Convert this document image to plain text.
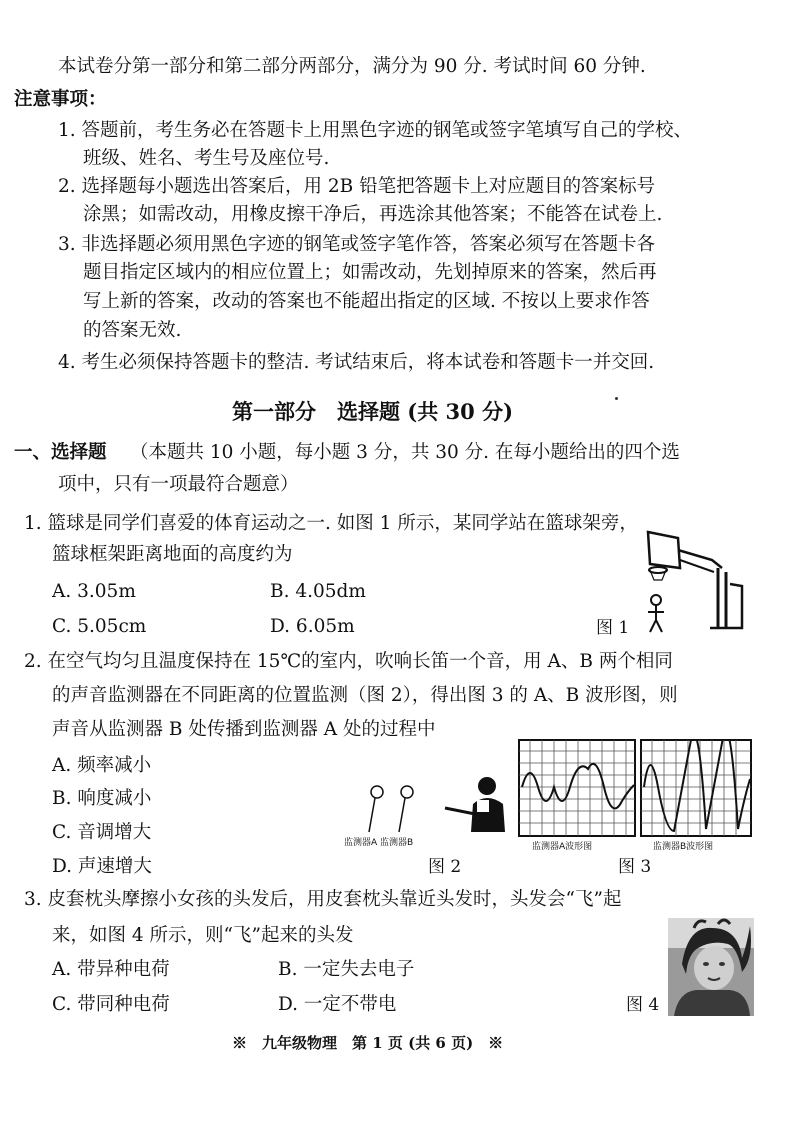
本试卷分第一部分和第二部分两部分，满分为 90 分. 考试时间 60 分钟.
注意事项：
1. 答题前，考生务必在答题卡上用黑色字迹的钢笔或签字笔填写自己的学校、
班级、姓名、考生号及座位号.
2. 选择题每小题选出答案后，用 2B 铅笔把答题卡上对应题目的答案标号
涂黑；如需改动，用橡皮擦干净后，再选涂其他答案；不能答在试卷上.
3. 非选择题必须用黑色字迹的钢笔或签字笔作答，答案必须写在答题卡各
题目指定区域内的相应位置上；如需改动，先划掉原来的答案，然后再
写上新的答案，改动的答案也不能超出指定的区域. 不按以上要求作答
的答案无效.
4. 考生必须保持答题卡的整洁. 考试结束后，将本试卷和答题卡一并交回.
第一部分　选择题 (共 30 分)
一、选择题 （本题共 10 小题，每小题 3 分，共 30 分. 在每小题给出的四个选
项中，只有一项最符合题意）
1. 篮球是同学们喜爱的体育运动之一. 如图 1 所示，某同学站在篮球架旁，
篮球框架距离地面的高度约为
A. 3.05m	B. 4.05dm
C. 5.05cm	D. 6.05m	图 1
2. 在空气均匀且温度保持在 15℃的室内，吹响长笛一个音，用 A、B 两个相同
的声音监测器在不同距离的位置监测（图 2），得出图 3 的 A、B 波形图，则
声音从监测器 B 处传播到监测器 A 处的过程中
A. 频率减小
B. 响度减小
C. 音调增大
D. 声速增大
监测器A 监测器B	监测器A波形图	监测器B波形图
图 2	图 3
3. 皮套枕头摩擦小女孩的头发后，用皮套枕头靠近头发时，头发会“飞”起
来，如图 4 所示，则“飞”起来的头发
A. 带异种电荷	B. 一定失去电子
C. 带同种电荷	D. 一定不带电	图 4
※　九年级物理　第 1 页 (共 6 页)　※
